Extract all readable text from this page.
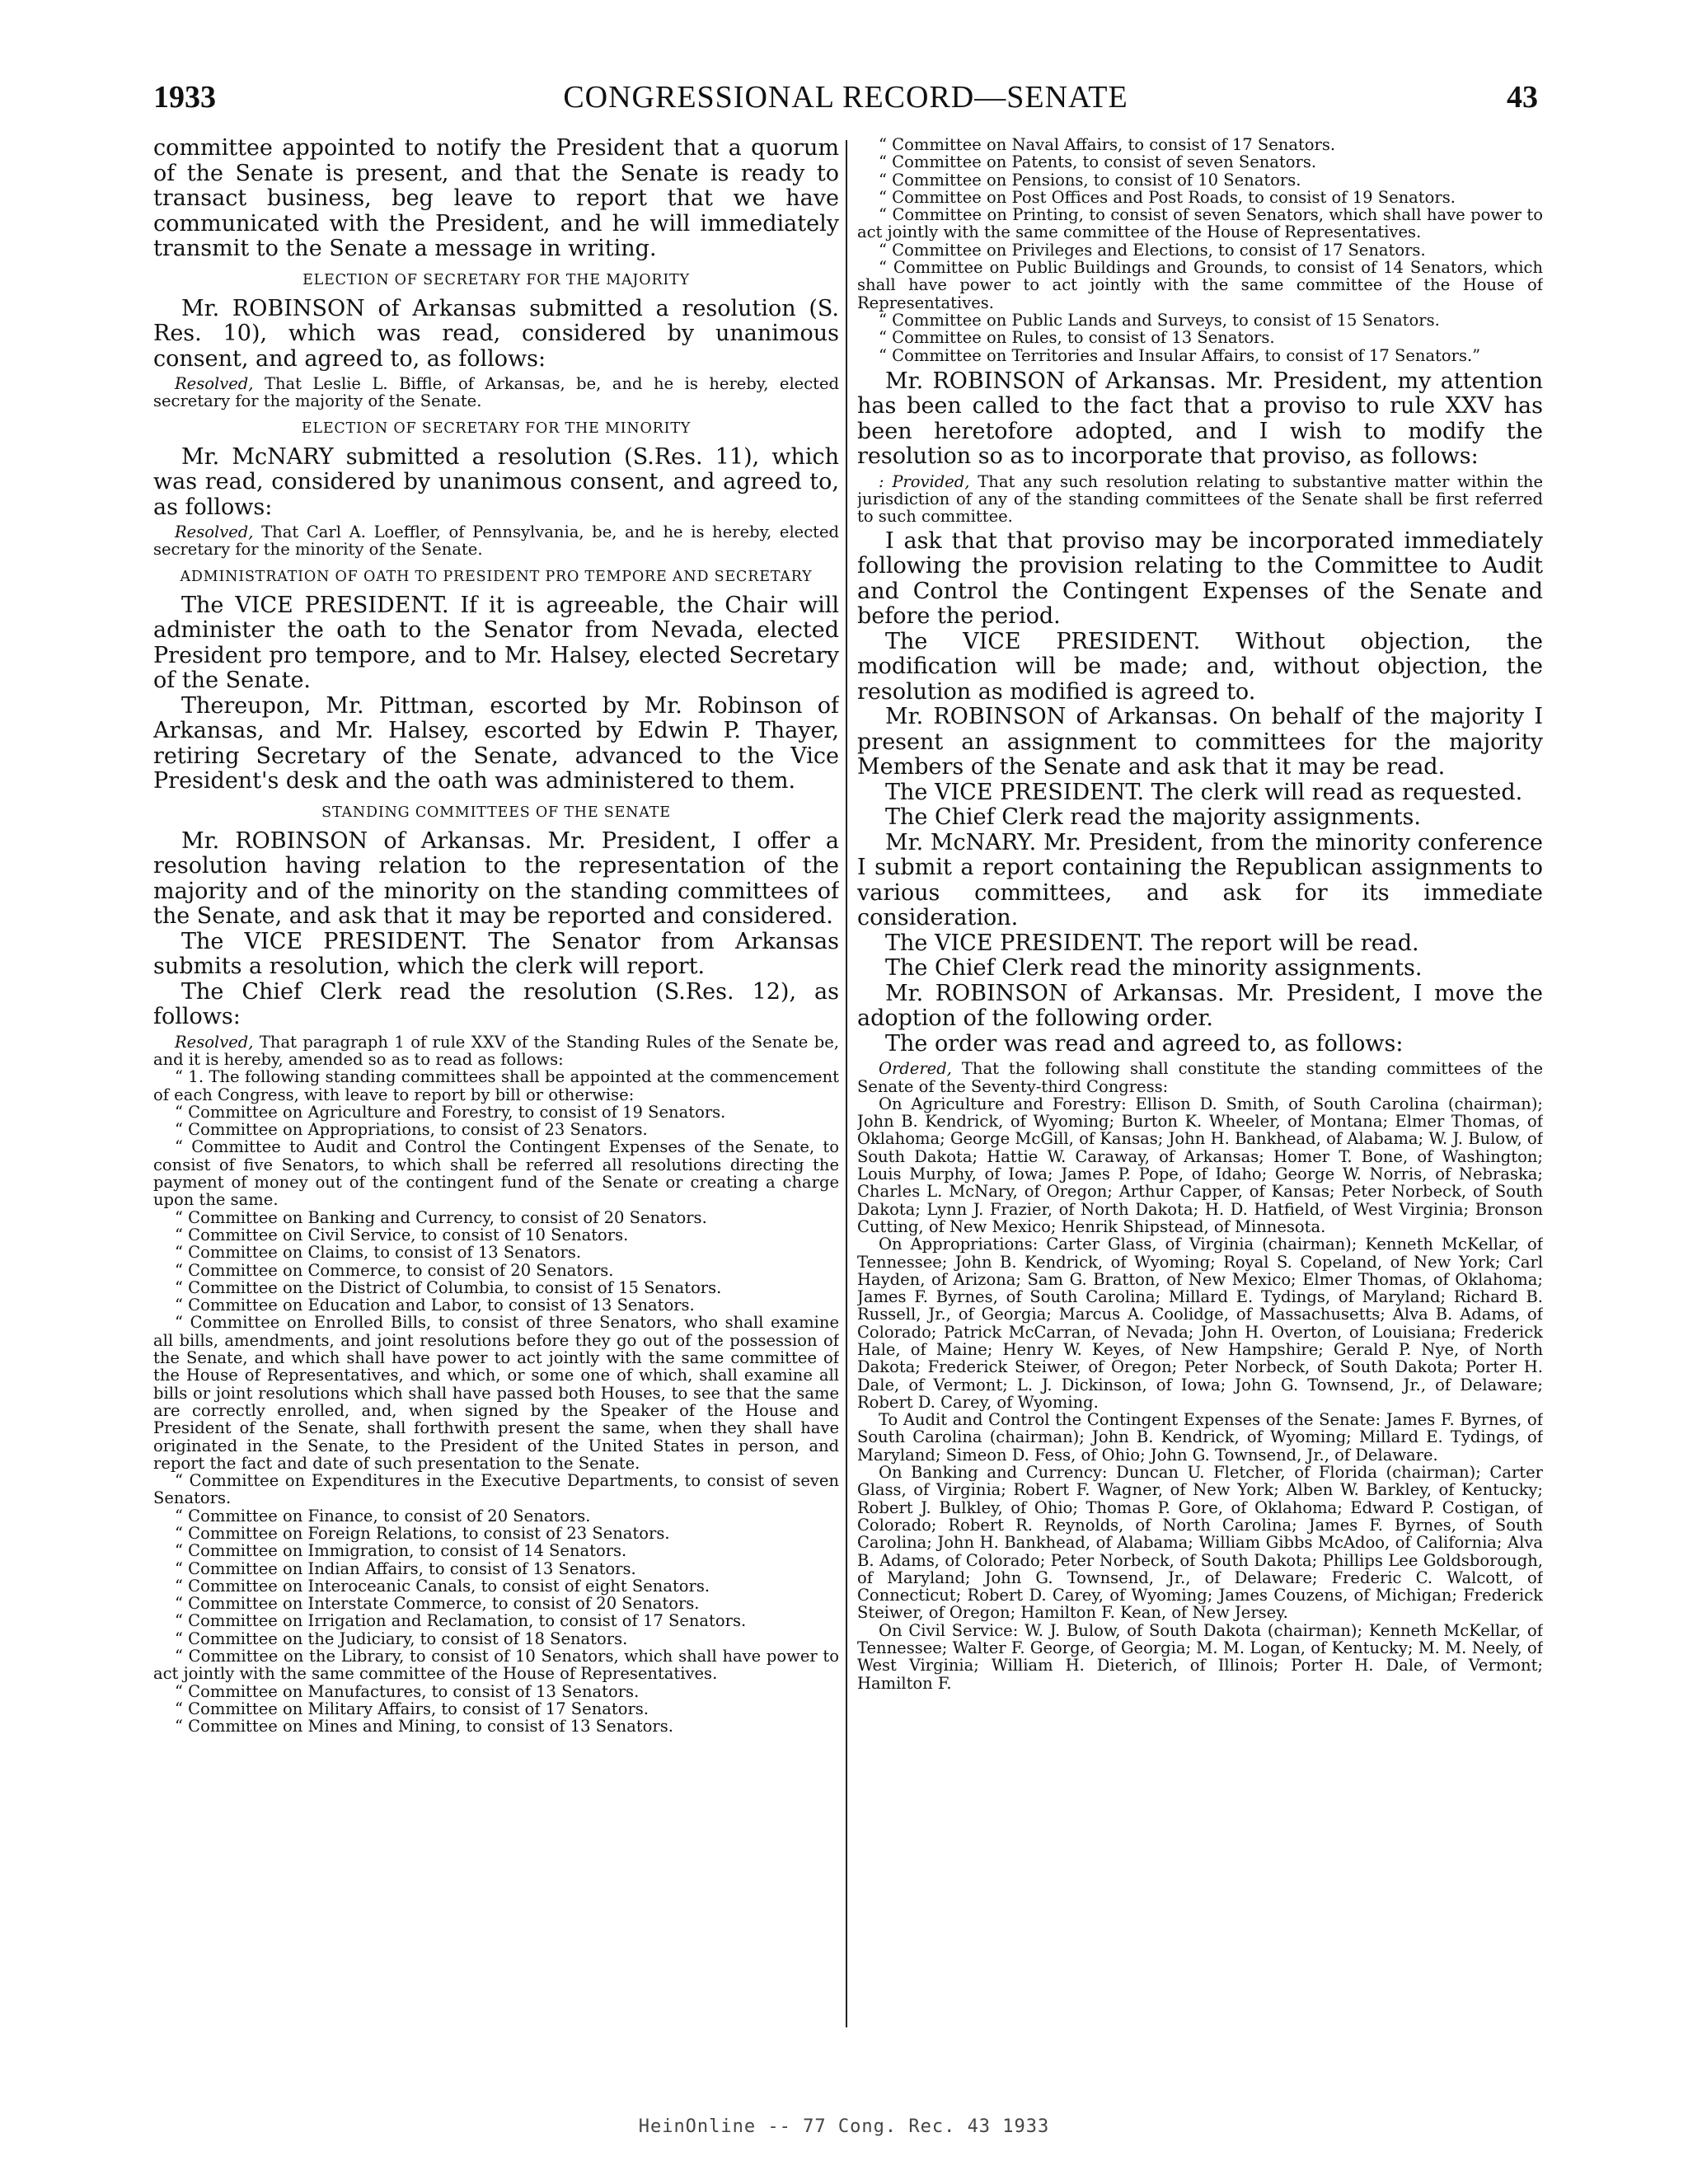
1933	CONGRESSIONAL RECORD—SENATE	43

committee appointed to notify the President that a quorum of the Senate is present, and that the Senate is ready to transact business, beg leave to report that we have communicated with the President, and he will immediately transmit to the Senate a message in writing.

ELECTION OF SECRETARY FOR THE MAJORITY

Mr. ROBINSON of Arkansas submitted a resolution (S. Res. 10), which was read, considered by unanimous consent, and agreed to, as follows:

Resolved, That Leslie L. Biffle, of Arkansas, be, and he is hereby, elected secretary for the majority of the Senate.

ELECTION OF SECRETARY FOR THE MINORITY

Mr. McNARY submitted a resolution (S.Res. 11), which was read, considered by unanimous consent, and agreed to, as follows:

Resolved, That Carl A. Loeffler, of Pennsylvania, be, and he is hereby, elected secretary for the minority of the Senate.

ADMINISTRATION OF OATH TO PRESIDENT PRO TEMPORE AND SECRETARY

The VICE PRESIDENT. If it is agreeable, the Chair will administer the oath to the Senator from Nevada, elected President pro tempore, and to Mr. Halsey, elected Secretary of the Senate.

Thereupon, Mr. Pittman, escorted by Mr. Robinson of Arkansas, and Mr. Halsey, escorted by Edwin P. Thayer, retiring Secretary of the Senate, advanced to the Vice President's desk and the oath was administered to them.

STANDING COMMITTEES OF THE SENATE

Mr. ROBINSON of Arkansas. Mr. President, I offer a resolution having relation to the representation of the majority and of the minority on the standing committees of the Senate, and ask that it may be reported and considered.

The VICE PRESIDENT. The Senator from Arkansas submits a resolution, which the clerk will report.

The Chief Clerk read the resolution (S.Res. 12), as follows:

Resolved, That paragraph 1 of rule XXV of the Standing Rules of the Senate be, and it is hereby, amended so as to read as follows:

“ 1. The following standing committees shall be appointed at the commencement of each Congress, with leave to report by bill or otherwise:

“ Committee on Agriculture and Forestry, to consist of 19 Senators.

“ Committee on Appropriations, to consist of 23 Senators.

“ Committee to Audit and Control the Contingent Expenses of the Senate, to consist of five Senators, to which shall be referred all resolutions directing the payment of money out of the contingent fund of the Senate or creating a charge upon the same.

“ Committee on Banking and Currency, to consist of 20 Senators.

“ Committee on Civil Service, to consist of 10 Senators.

“ Committee on Claims, to consist of 13 Senators.

“ Committee on Commerce, to consist of 20 Senators.

“ Committee on the District of Columbia, to consist of 15 Senators.

“ Committee on Education and Labor, to consist of 13 Senators.

“ Committee on Enrolled Bills, to consist of three Senators, who shall examine all bills, amendments, and joint resolutions before they go out of the possession of the Senate, and which shall have power to act jointly with the same committee of the House of Representatives, and which, or some one of which, shall examine all bills or joint resolutions which shall have passed both Houses, to see that the same are correctly enrolled, and, when signed by the Speaker of the House and President of the Senate, shall forthwith present the same, when they shall have originated in the Senate, to the President of the United States in person, and report the fact and date of such presentation to the Senate.

“ Committee on Expenditures in the Executive Departments, to consist of seven Senators.

“ Committee on Finance, to consist of 20 Senators.

“ Committee on Foreign Relations, to consist of 23 Senators.

“ Committee on Immigration, to consist of 14 Senators.

“ Committee on Indian Affairs, to consist of 13 Senators.

“ Committee on Interoceanic Canals, to consist of eight Senators.

“ Committee on Interstate Commerce, to consist of 20 Senators.

“ Committee on Irrigation and Reclamation, to consist of 17 Senators.

“ Committee on the Judiciary, to consist of 18 Senators.

“ Committee on the Library, to consist of 10 Senators, which shall have power to act jointly with the same committee of the House of Representatives.

“ Committee on Manufactures, to consist of 13 Senators.

“ Committee on Military Affairs, to consist of 17 Senators.

“ Committee on Mines and Mining, to consist of 13 Senators.

“ Committee on Naval Affairs, to consist of 17 Senators.

“ Committee on Patents, to consist of seven Senators.

“ Committee on Pensions, to consist of 10 Senators.

“ Committee on Post Offices and Post Roads, to consist of 19 Senators.

“ Committee on Printing, to consist of seven Senators, which shall have power to act jointly with the same committee of the House of Representatives.

“ Committee on Privileges and Elections, to consist of 17 Senators.

“ Committee on Public Buildings and Grounds, to consist of 14 Senators, which shall have power to act jointly with the same committee of the House of Representatives.

“ Committee on Public Lands and Surveys, to consist of 15 Senators.

“ Committee on Rules, to consist of 13 Senators.

“ Committee on Territories and Insular Affairs, to consist of 17 Senators.”

Mr. ROBINSON of Arkansas. Mr. President, my attention has been called to the fact that a proviso to rule XXV has been heretofore adopted, and I wish to modify the resolution so as to incorporate that proviso, as follows:

: Provided, That any such resolution relating to substantive matter within the jurisdiction of any of the standing committees of the Senate shall be first referred to such committee.

I ask that that proviso may be incorporated immediately following the provision relating to the Committee to Audit and Control the Contingent Expenses of the Senate and before the period.

The VICE PRESIDENT. Without objection, the modification will be made; and, without objection, the resolution as modified is agreed to.

Mr. ROBINSON of Arkansas. On behalf of the majority I present an assignment to committees for the majority Members of the Senate and ask that it may be read.

The VICE PRESIDENT. The clerk will read as requested.

The Chief Clerk read the majority assignments.

Mr. McNARY. Mr. President, from the minority conference I submit a report containing the Republican assignments to various committees, and ask for its immediate consideration.

The VICE PRESIDENT. The report will be read.

The Chief Clerk read the minority assignments.

Mr. ROBINSON of Arkansas. Mr. President, I move the adoption of the following order.

The order was read and agreed to, as follows:

Ordered, That the following shall constitute the standing committees of the Senate of the Seventy-third Congress:

On Agriculture and Forestry: Ellison D. Smith, of South Carolina (chairman); John B. Kendrick, of Wyoming; Burton K. Wheeler, of Montana; Elmer Thomas, of Oklahoma; George McGill, of Kansas; John H. Bankhead, of Alabama; W. J. Bulow, of South Dakota; Hattie W. Caraway, of Arkansas; Homer T. Bone, of Washington; Louis Murphy, of Iowa; James P. Pope, of Idaho; George W. Norris, of Nebraska; Charles L. McNary, of Oregon; Arthur Capper, of Kansas; Peter Norbeck, of South Dakota; Lynn J. Frazier, of North Dakota; H. D. Hatfield, of West Virginia; Bronson Cutting, of New Mexico; Henrik Shipstead, of Minnesota.

On Appropriations: Carter Glass, of Virginia (chairman); Kenneth McKellar, of Tennessee; John B. Kendrick, of Wyoming; Royal S. Copeland, of New York; Carl Hayden, of Arizona; Sam G. Bratton, of New Mexico; Elmer Thomas, of Oklahoma; James F. Byrnes, of South Carolina; Millard E. Tydings, of Maryland; Richard B. Russell, Jr., of Georgia; Marcus A. Coolidge, of Massachusetts; Alva B. Adams, of Colorado; Patrick McCarran, of Nevada; John H. Overton, of Louisiana; Frederick Hale, of Maine; Henry W. Keyes, of New Hampshire; Gerald P. Nye, of North Dakota; Frederick Steiwer, of Oregon; Peter Norbeck, of South Dakota; Porter H. Dale, of Vermont; L. J. Dickinson, of Iowa; John G. Townsend, Jr., of Delaware; Robert D. Carey, of Wyoming.

To Audit and Control the Contingent Expenses of the Senate: James F. Byrnes, of South Carolina (chairman); John B. Kendrick, of Wyoming; Millard E. Tydings, of Maryland; Simeon D. Fess, of Ohio; John G. Townsend, Jr., of Delaware.

On Banking and Currency: Duncan U. Fletcher, of Florida (chairman); Carter Glass, of Virginia; Robert F. Wagner, of New York; Alben W. Barkley, of Kentucky; Robert J. Bulkley, of Ohio; Thomas P. Gore, of Oklahoma; Edward P. Costigan, of Colorado; Robert R. Reynolds, of North Carolina; James F. Byrnes, of South Carolina; John H. Bankhead, of Alabama; William Gibbs McAdoo, of California; Alva B. Adams, of Colorado; Peter Norbeck, of South Dakota; Phillips Lee Goldsborough, of Maryland; John G. Townsend, Jr., of Delaware; Frederic C. Walcott, of Connecticut; Robert D. Carey, of Wyoming; James Couzens, of Michigan; Frederick Steiwer, of Oregon; Hamilton F. Kean, of New Jersey.

On Civil Service: W. J. Bulow, of South Dakota (chairman); Kenneth McKellar, of Tennessee; Walter F. George, of Georgia; M. M. Logan, of Kentucky; M. M. Neely, of West Virginia; William H. Dieterich, of Illinois; Porter H. Dale, of Vermont; Hamilton F.

HeinOnline -- 77 Cong. Rec. 43 1933
